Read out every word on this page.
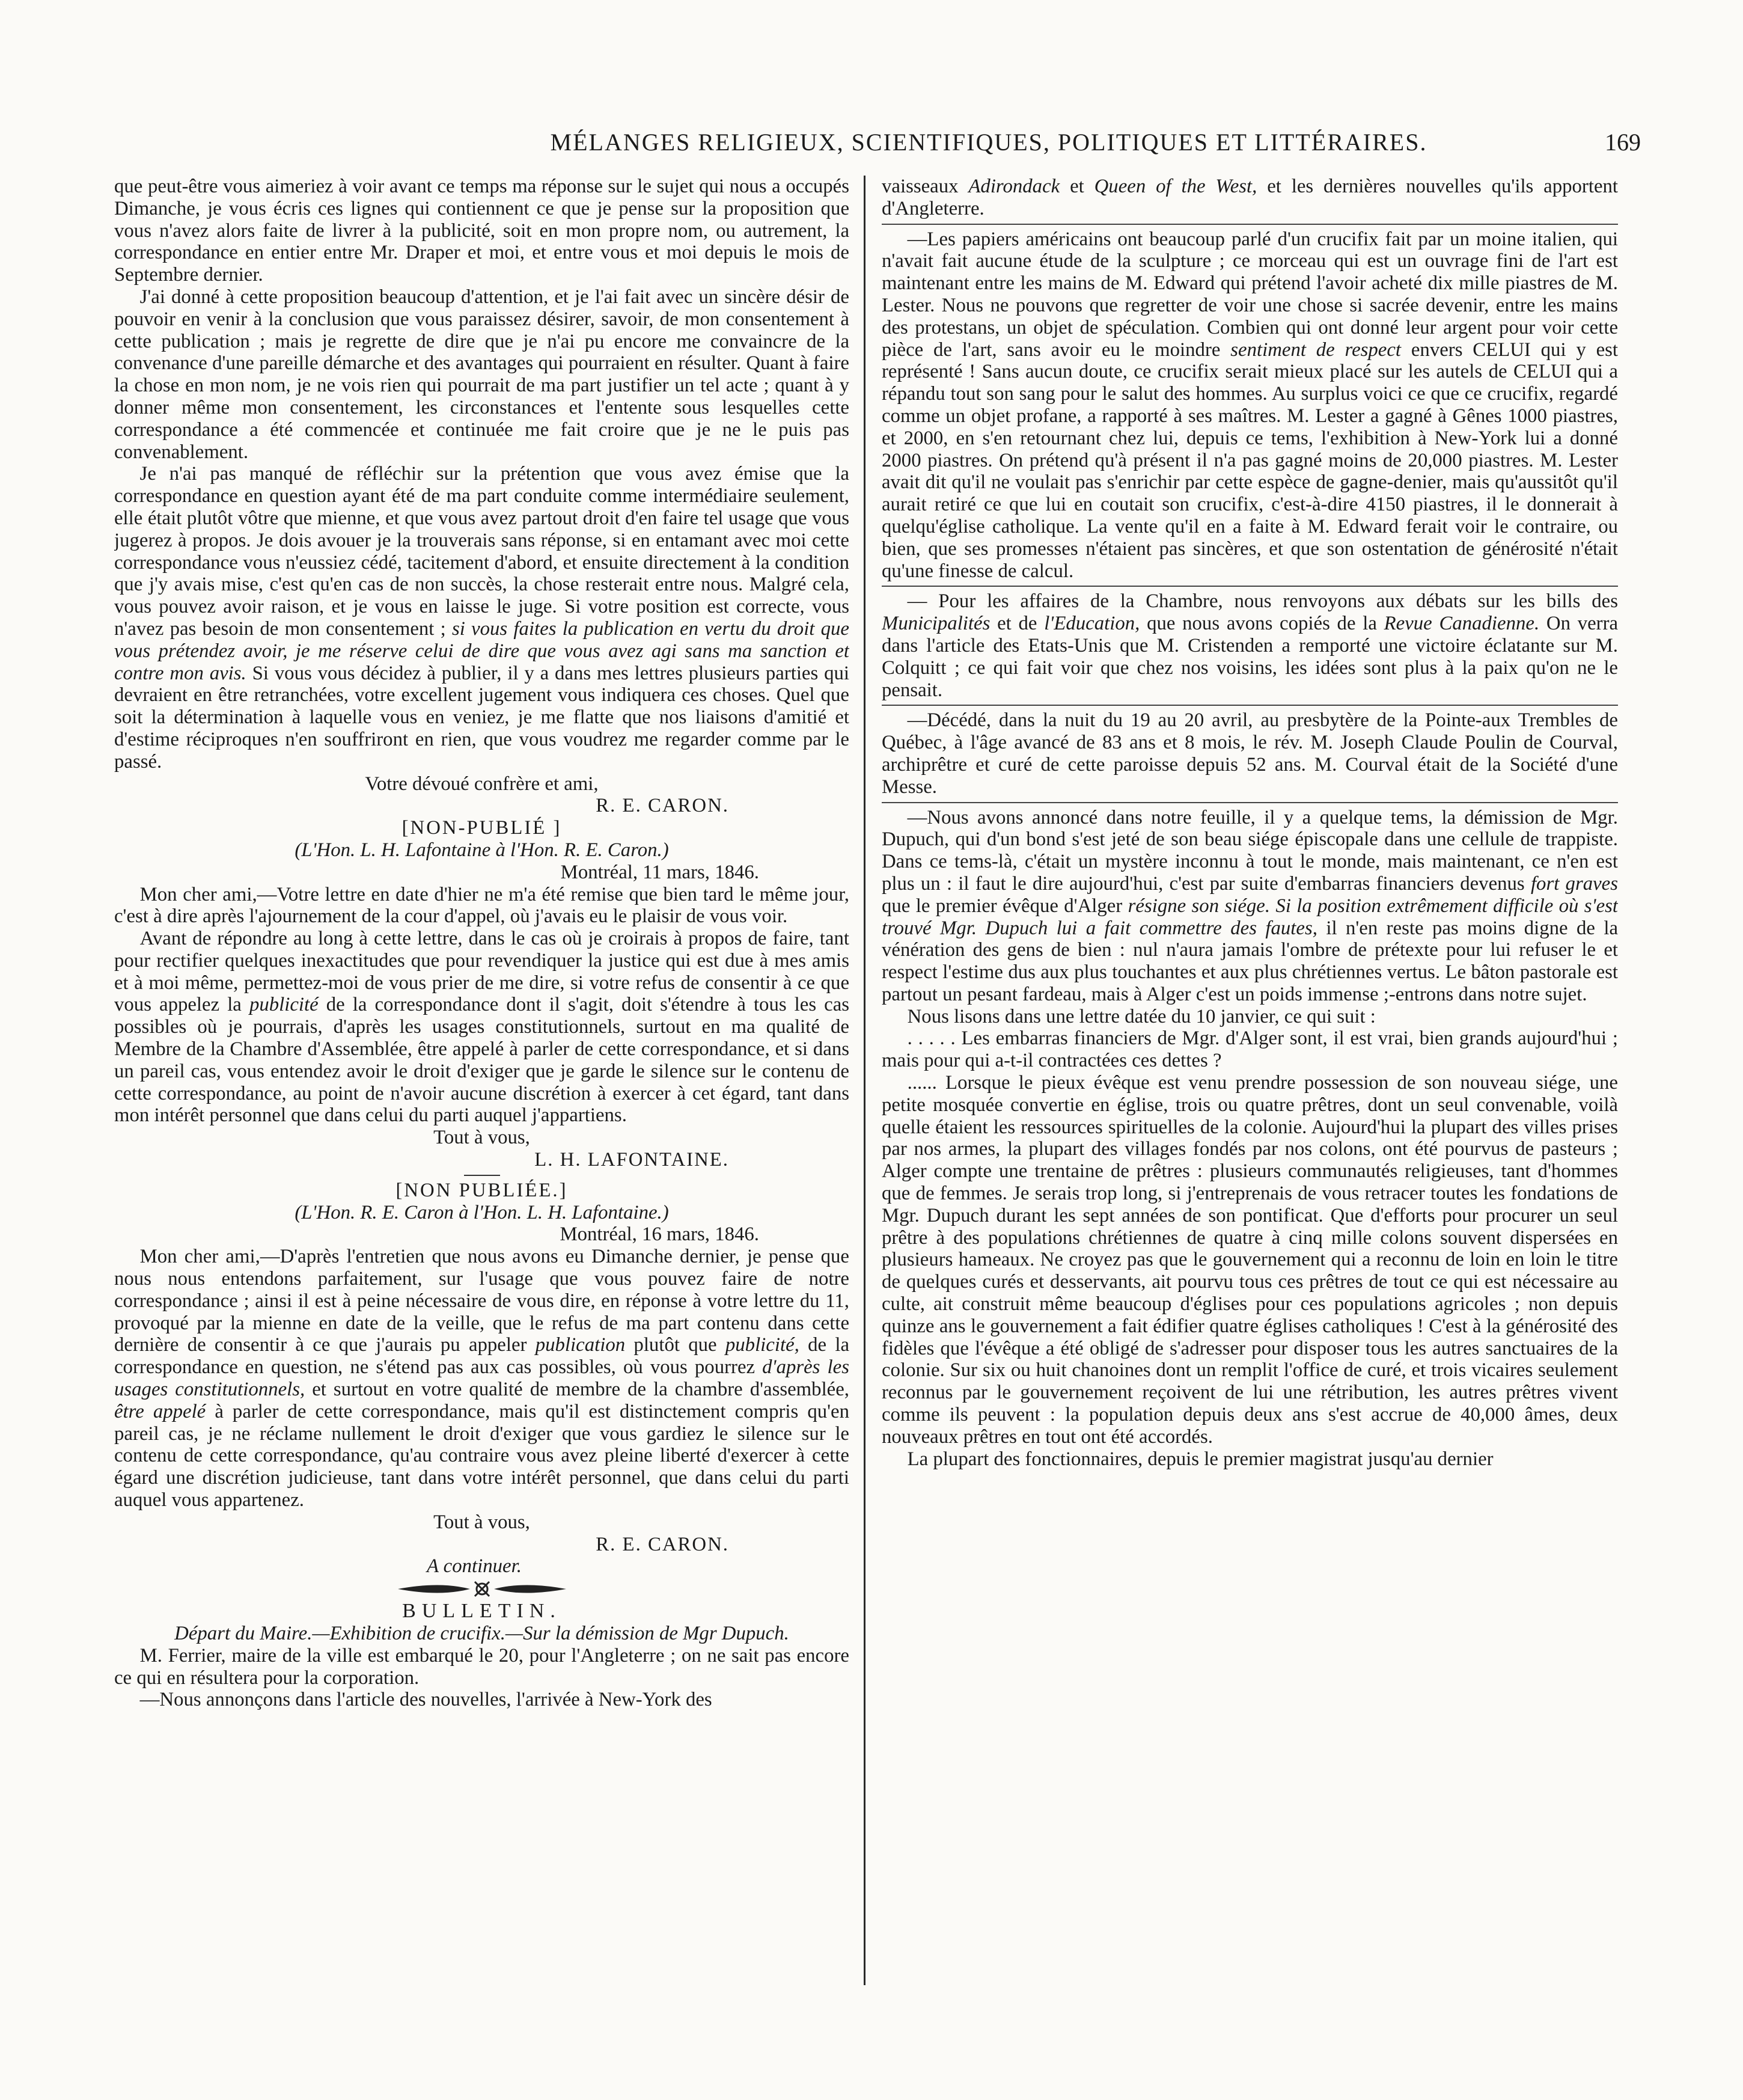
MÉLANGES RELIGIEUX, SCIENTIFIQUES, POLITIQUES ET LITTÉRAIRES.	169

que peut-être vous aimeriez à voir avant ce temps ma réponse sur le sujet qui nous a occupés Dimanche, je vous écris ces lignes qui contiennent ce que je pense sur la proposition que vous n'avez alors faite de livrer à la publicité, soit en mon propre nom, ou autrement, la correspondance en entier entre Mr. Draper et moi, et entre vous et moi depuis le mois de Septembre dernier.

J'ai donné à cette proposition beaucoup d'attention, et je l'ai fait avec un sincère désir de pouvoir en venir à la conclusion que vous paraissez désirer, savoir, de mon consentement à cette publication ; mais je regrette de dire que je n'ai pu encore me convaincre de la convenance d'une pareille démarche et des avantages qui pourraient en résulter. Quant à faire la chose en mon nom, je ne vois rien qui pourrait de ma part justifier un tel acte ; quant à y donner même mon consentement, les circonstances et l'entente sous lesquelles cette correspondance a été commencée et continuée me fait croire que je ne le puis pas convenablement.

Je n'ai pas manqué de réfléchir sur la prétention que vous avez émise que la correspondance en question ayant été de ma part conduite comme intermédiaire seulement, elle était plutôt vôtre que mienne, et que vous avez partout droit d'en faire tel usage que vous jugerez à propos. Je dois avouer je la trouverais sans réponse, si en entamant avec moi cette correspondance vous n'eussiez cédé, tacitement d'abord, et ensuite directement à la condition que j'y avais mise, c'est qu'en cas de non succès, la chose resterait entre nous. Malgré cela, vous pouvez avoir raison, et je vous en laisse le juge. Si votre position est correcte, vous n'avez pas besoin de mon consentement ; si vous faites la publication en vertu du droit que vous prétendez avoir, je me réserve celui de dire que vous avez agi sans ma sanction et contre mon avis. Si vous vous décidez à publier, il y a dans mes lettres plusieurs parties qui devraient en être retranchées, votre excellent jugement vous indiquera ces choses. Quel que soit la détermination à laquelle vous en veniez, je me flatte que nos liaisons d'amitié et d'estime réciproques n'en souffriront en rien, que vous voudrez me regarder comme par le passé.

Votre dévoué confrère et ami,

R. E. CARON.

[NON-PUBLIÉ ]

(L'Hon. L. H. Lafontaine à l'Hon. R. E. Caron.)

Montréal, 11 mars, 1846.

Mon cher ami,—Votre lettre en date d'hier ne m'a été remise que bien tard le même jour, c'est à dire après l'ajournement de la cour d'appel, où j'avais eu le plaisir de vous voir.

Avant de répondre au long à cette lettre, dans le cas où je croirais à propos de faire, tant pour rectifier quelques inexactitudes que pour revendiquer la justice qui est due à mes amis et à moi même, permettez-moi de vous prier de me dire, si votre refus de consentir à ce que vous appelez la publicité de la correspondance dont il s'agit, doit s'étendre à tous les cas possibles où je pourrais, d'après les usages constitutionnels, surtout en ma qualité de Membre de la Chambre d'Assemblée, être appelé à parler de cette correspondance, et si dans un pareil cas, vous entendez avoir le droit d'exiger que je garde le silence sur le contenu de cette correspondance, au point de n'avoir aucune discrétion à exercer à cet égard, tant dans mon intérêt personnel que dans celui du parti auquel j'appartiens.

Tout à vous,

L. H. LAFONTAINE.

[NON PUBLIÉE.]

(L'Hon. R. E. Caron à l'Hon. L. H. Lafontaine.)

Montréal, 16 mars, 1846.

Mon cher ami,—D'après l'entretien que nous avons eu Dimanche dernier, je pense que nous nous entendons parfaitement, sur l'usage que vous pouvez faire de notre correspondance ; ainsi il est à peine nécessaire de vous dire, en réponse à votre lettre du 11, provoqué par la mienne en date de la veille, que le refus de ma part contenu dans cette dernière de consentir à ce que j'aurais pu appeler publication plutôt que publicité, de la correspondance en question, ne s'étend pas aux cas possibles, où vous pourrez d'après les usages constitutionnels, et surtout en votre qualité de membre de la chambre d'assemblée, être appelé à parler de cette correspondance, mais qu'il est distinctement compris qu'en pareil cas, je ne réclame nullement le droit d'exiger que vous gardiez le silence sur le contenu de cette correspondance, qu'au contraire vous avez pleine liberté d'exercer à cette égard une discrétion judicieuse, tant dans votre intérêt personnel, que dans celui du parti auquel vous appartenez.

Tout à vous,

R. E. CARON.

A continuer.

BULLETIN.

Départ du Maire.—Exhibition de crucifix.—Sur la démission de Mgr Dupuch.

M. Ferrier, maire de la ville est embarqué le 20, pour l'Angleterre ; on ne sait pas encore ce qui en résultera pour la corporation.

—Nous annonçons dans l'article des nouvelles, l'arrivée à New-York des

vaisseaux Adirondack et Queen of the West, et les dernières nouvelles qu'ils apportent d'Angleterre.

—Les papiers américains ont beaucoup parlé d'un crucifix fait par un moine italien, qui n'avait fait aucune étude de la sculpture ; ce morceau qui est un ouvrage fini de l'art est maintenant entre les mains de M. Edward qui prétend l'avoir acheté dix mille piastres de M. Lester. Nous ne pouvons que regretter de voir une chose si sacrée devenir, entre les mains des protestans, un objet de spéculation. Combien qui ont donné leur argent pour voir cette pièce de l'art, sans avoir eu le moindre sentiment de respect envers CELUI qui y est représenté ! Sans aucun doute, ce crucifix serait mieux placé sur les autels de CELUI qui a répandu tout son sang pour le salut des hommes. Au surplus voici ce que ce crucifix, regardé comme un objet profane, a rapporté à ses maîtres. M. Lester a gagné à Gênes 1000 piastres, et 2000, en s'en retournant chez lui, depuis ce tems, l'exhibition à New-York lui a donné 2000 piastres. On prétend qu'à présent il n'a pas gagné moins de 20,000 piastres. M. Lester avait dit qu'il ne voulait pas s'enrichir par cette espèce de gagne-denier, mais qu'aussitôt qu'il aurait retiré ce que lui en coutait son crucifix, c'est-à-dire 4150 piastres, il le donnerait à quelqu'église catholique. La vente qu'il en a faite à M. Edward ferait voir le contraire, ou bien, que ses promesses n'étaient pas sincères, et que son ostentation de générosité n'était qu'une finesse de calcul.

— Pour les affaires de la Chambre, nous renvoyons aux débats sur les bills des Municipalités et de l'Education, que nous avons copiés de la Revue Canadienne. On verra dans l'article des Etats-Unis que M. Cristenden a remporté une victoire éclatante sur M. Colquitt ; ce qui fait voir que chez nos voisins, les idées sont plus à la paix qu'on ne le pensait.

—Décédé, dans la nuit du 19 au 20 avril, au presbytère de la Pointe-aux Trembles de Québec, à l'âge avancé de 83 ans et 8 mois, le rév. M. Joseph Claude Poulin de Courval, archiprêtre et curé de cette paroisse depuis 52 ans. M. Courval était de la Société d'une Messe.

—Nous avons annoncé dans notre feuille, il y a quelque tems, la démission de Mgr. Dupuch, qui d'un bond s'est jeté de son beau siége épiscopale dans une cellule de trappiste. Dans ce tems-là, c'était un mystère inconnu à tout le monde, mais maintenant, ce n'en est plus un : il faut le dire aujourd'hui, c'est par suite d'embarras financiers devenus fort graves que le premier évêque d'Alger résigne son siége. Si la position extrêmement difficile où s'est trouvé Mgr. Dupuch lui a fait commettre des fautes, il n'en reste pas moins digne de la vénération des gens de bien : nul n'aura jamais l'ombre de prétexte pour lui refuser le et respect l'estime dus aux plus touchantes et aux plus chrétiennes vertus. Le bâton pastorale est partout un pesant fardeau, mais à Alger c'est un poids immense ;-entrons dans notre sujet.

Nous lisons dans une lettre datée du 10 janvier, ce qui suit :

. . . . . Les embarras financiers de Mgr. d'Alger sont, il est vrai, bien grands aujourd'hui ; mais pour qui a-t-il contractées ces dettes ?

...... Lorsque le pieux évêque est venu prendre possession de son nouveau siége, une petite mosquée convertie en église, trois ou quatre prêtres, dont un seul convenable, voilà quelle étaient les ressources spirituelles de la colonie. Aujourd'hui la plupart des villes prises par nos armes, la plupart des villages fondés par nos colons, ont été pourvus de pasteurs ; Alger compte une trentaine de prêtres : plusieurs communautés religieuses, tant d'hommes que de femmes. Je serais trop long, si j'entreprenais de vous retracer toutes les fondations de Mgr. Dupuch durant les sept années de son pontificat. Que d'efforts pour procurer un seul prêtre à des populations chrétiennes de quatre à cinq mille colons souvent dispersées en plusieurs hameaux. Ne croyez pas que le gouvernement qui a reconnu de loin en loin le titre de quelques curés et desservants, ait pourvu tous ces prêtres de tout ce qui est nécessaire au culte, ait construit même beaucoup d'églises pour ces populations agricoles ; non depuis quinze ans le gouvernement a fait édifier quatre églises catholiques ! C'est à la générosité des fidèles que l'évêque a été obligé de s'adresser pour disposer tous les autres sanctuaires de la colonie. Sur six ou huit chanoines dont un remplit l'office de curé, et trois vicaires seulement reconnus par le gouvernement reçoivent de lui une rétribution, les autres prêtres vivent comme ils peuvent : la population depuis deux ans s'est accrue de 40,000 âmes, deux nouveaux prêtres en tout ont été accordés.

La plupart des fonctionnaires, depuis le premier magistrat jusqu'au dernier
